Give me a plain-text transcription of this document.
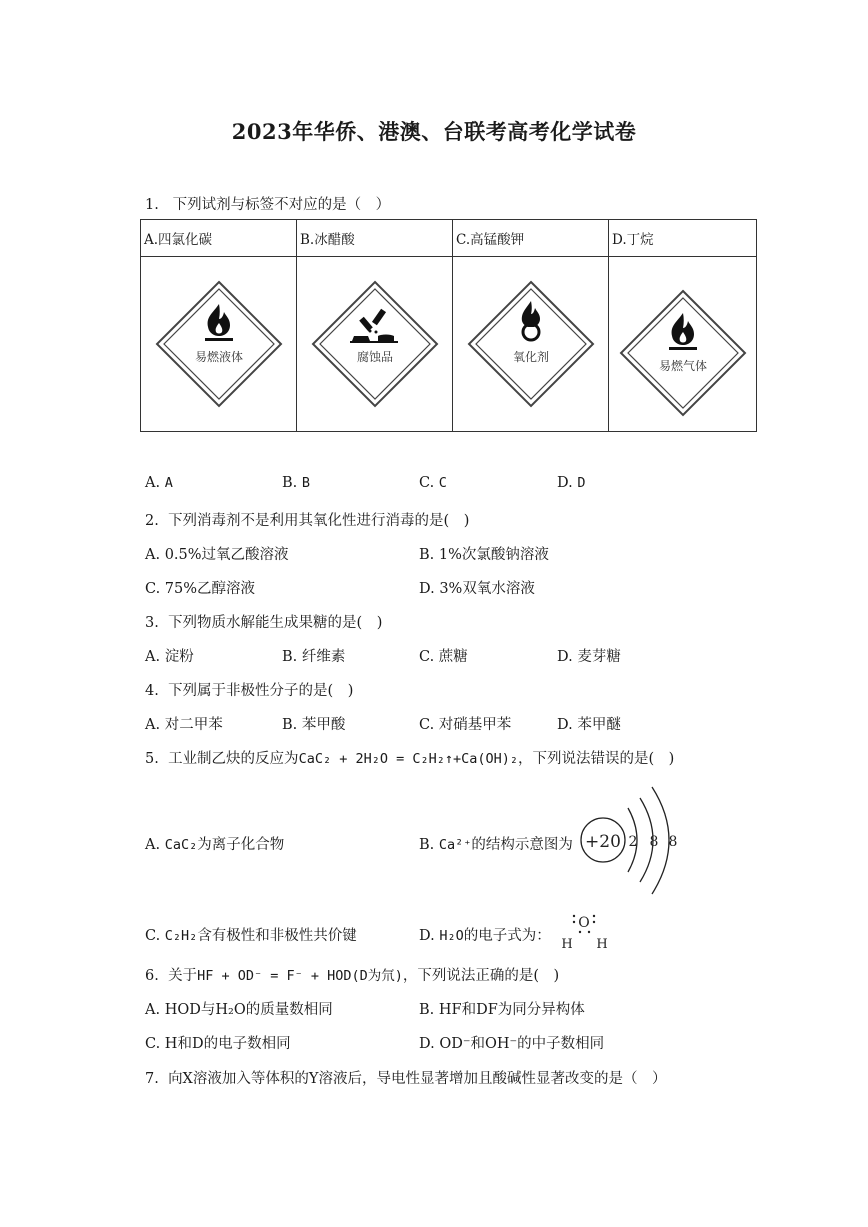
2023年华侨、港澳、台联考高考化学试卷
1. 下列试剂与标签不对应的是（　）
A.四氯化碳	B.冰醋酸	C.高锰酸钾	D.丁烷

易燃液体	腐蚀品	氧化剂	易燃气体
A. A	B. B	C. C	D. D
2. 下列消毒剂不是利用其氧化性进行消毒的是(　)
A. 0.5%过氧乙酸溶液	B. 1%次氯酸钠溶液
C. 75%乙醇溶液	D. 3%双氧水溶液
3. 下列物质水解能生成果糖的是(　)
A. 淀粉	B. 纤维素	C. 蔗糖	D. 麦芽糖
4. 下列属于非极性分子的是(　)
A. 对二甲苯	B. 苯甲酸	C. 对硝基甲苯	D. 苯甲醚
5. 工业制乙炔的反应为CaC₂ + 2H₂O = C₂H₂↑+Ca(OH)₂，下列说法错误的是(　)
A. CaC₂为离子化合物	B. Ca²⁺的结构示意图为 +20 2 8 8
C. C₂H₂含有极性和非极性共价键	D. H₂O的电子式为：
O
H H
6. 关于HF + OD⁻ = F⁻ + HOD(D为氘)，下列说法正确的是(　)
A. HOD与H₂O的质量数相同	B. HF和DF为同分异构体
C. H和D的电子数相同	D. OD⁻和OH⁻的中子数相同
7. 向X溶液加入等体积的Y溶液后，导电性显著增加且酸碱性显著改变的是（　）
